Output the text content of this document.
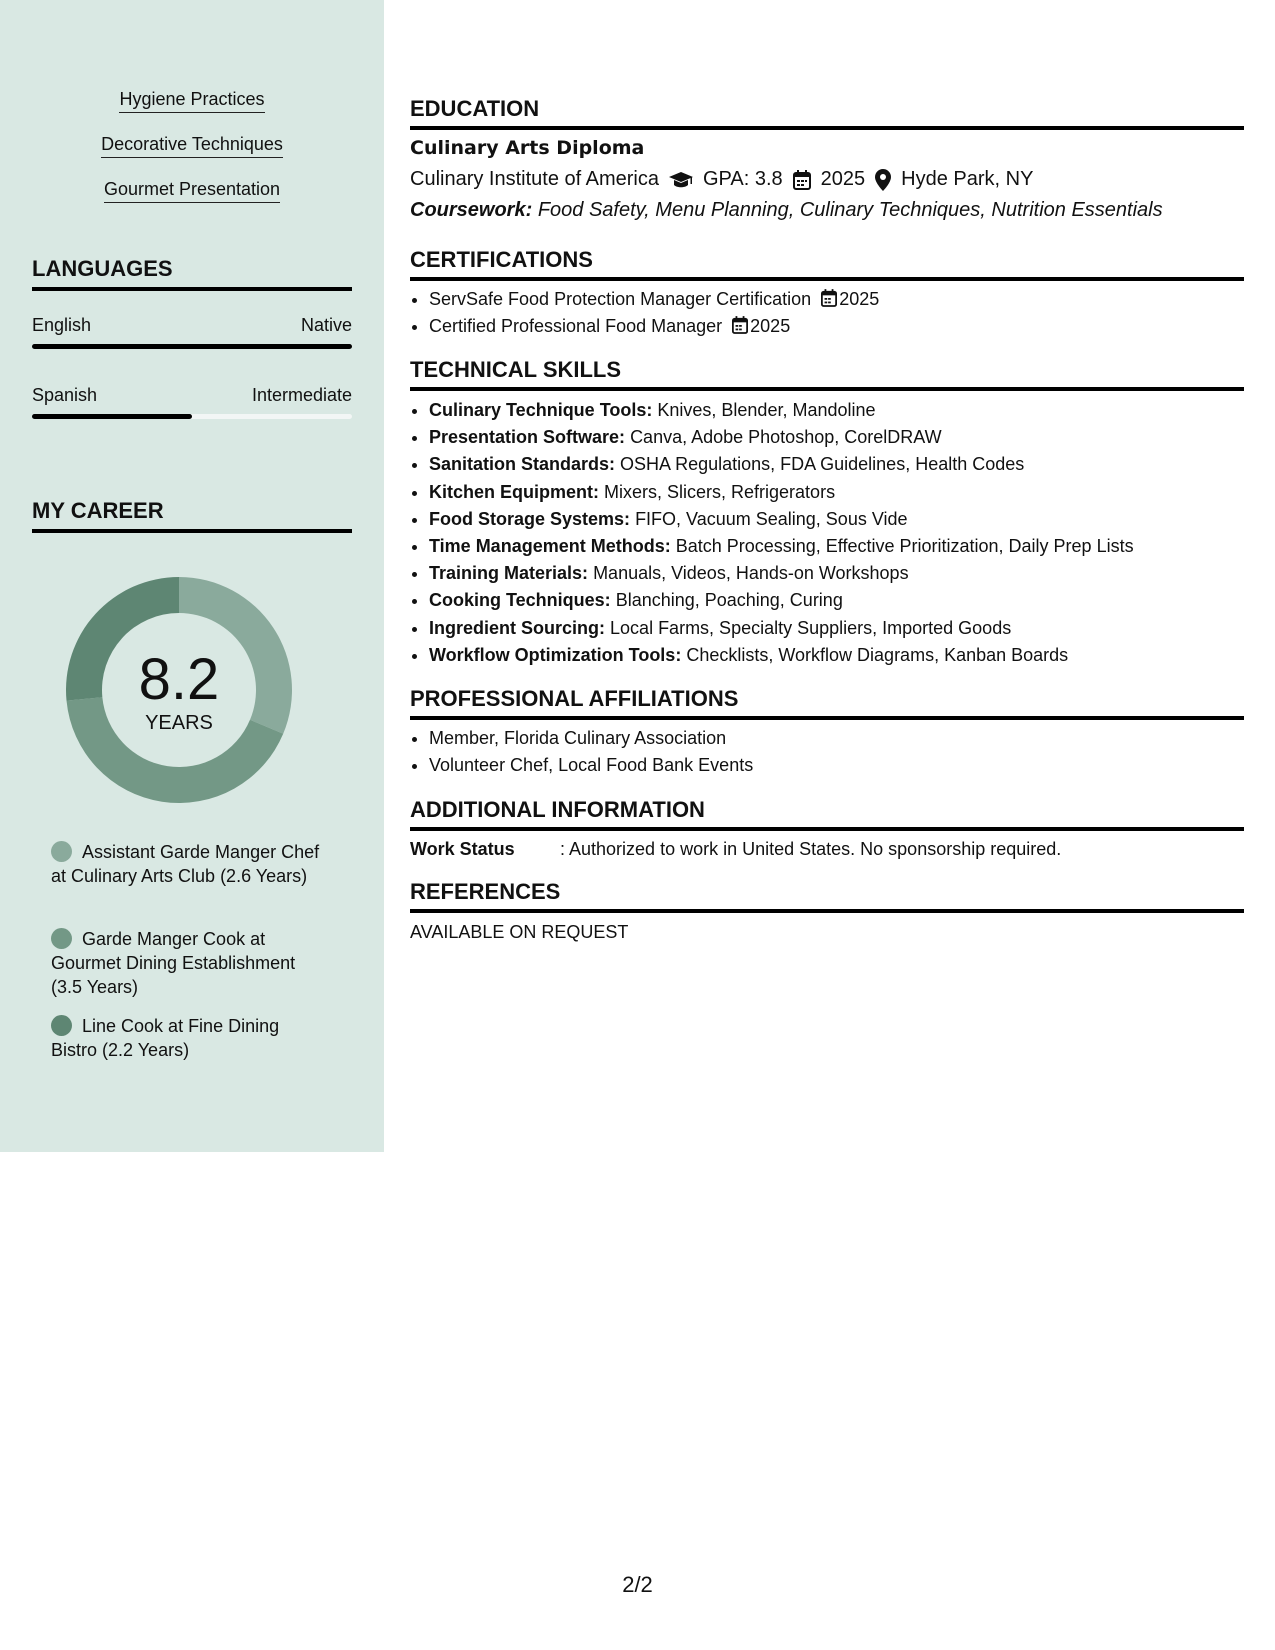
Hygiene Practices
Decorative Techniques
Gourmet Presentation
LANGUAGES
English	Native
Spanish	Intermediate
MY CAREER
8.2
YEARS
Assistant Garde Manger Chef at Culinary Arts Club (2.6 Years)
Garde Manger Cook at Gourmet Dining Establishment (3.5 Years)
Line Cook at Fine Dining Bistro (2.2 Years)
EDUCATION
Culinary Arts Diploma
Culinary Institute of America GPA: 3.8 2025 Hyde Park, NY
Coursework: Food Safety, Menu Planning, Culinary Techniques, Nutrition Essentials
CERTIFICATIONS
• ServSafe Food Protection Manager Certification 2025
• Certified Professional Food Manager 2025
TECHNICAL SKILLS
• Culinary Technique Tools: Knives, Blender, Mandoline
• Presentation Software: Canva, Adobe Photoshop, CorelDRAW
• Sanitation Standards: OSHA Regulations, FDA Guidelines, Health Codes
• Kitchen Equipment: Mixers, Slicers, Refrigerators
• Food Storage Systems: FIFO, Vacuum Sealing, Sous Vide
• Time Management Methods: Batch Processing, Effective Prioritization, Daily Prep Lists
• Training Materials: Manuals, Videos, Hands-on Workshops
• Cooking Techniques: Blanching, Poaching, Curing
• Ingredient Sourcing: Local Farms, Specialty Suppliers, Imported Goods
• Workflow Optimization Tools: Checklists, Workflow Diagrams, Kanban Boards
PROFESSIONAL AFFILIATIONS
• Member, Florida Culinary Association
• Volunteer Chef, Local Food Bank Events
ADDITIONAL INFORMATION
Work Status	: Authorized to work in United States. No sponsorship required.
REFERENCES
AVAILABLE ON REQUEST
2/2
